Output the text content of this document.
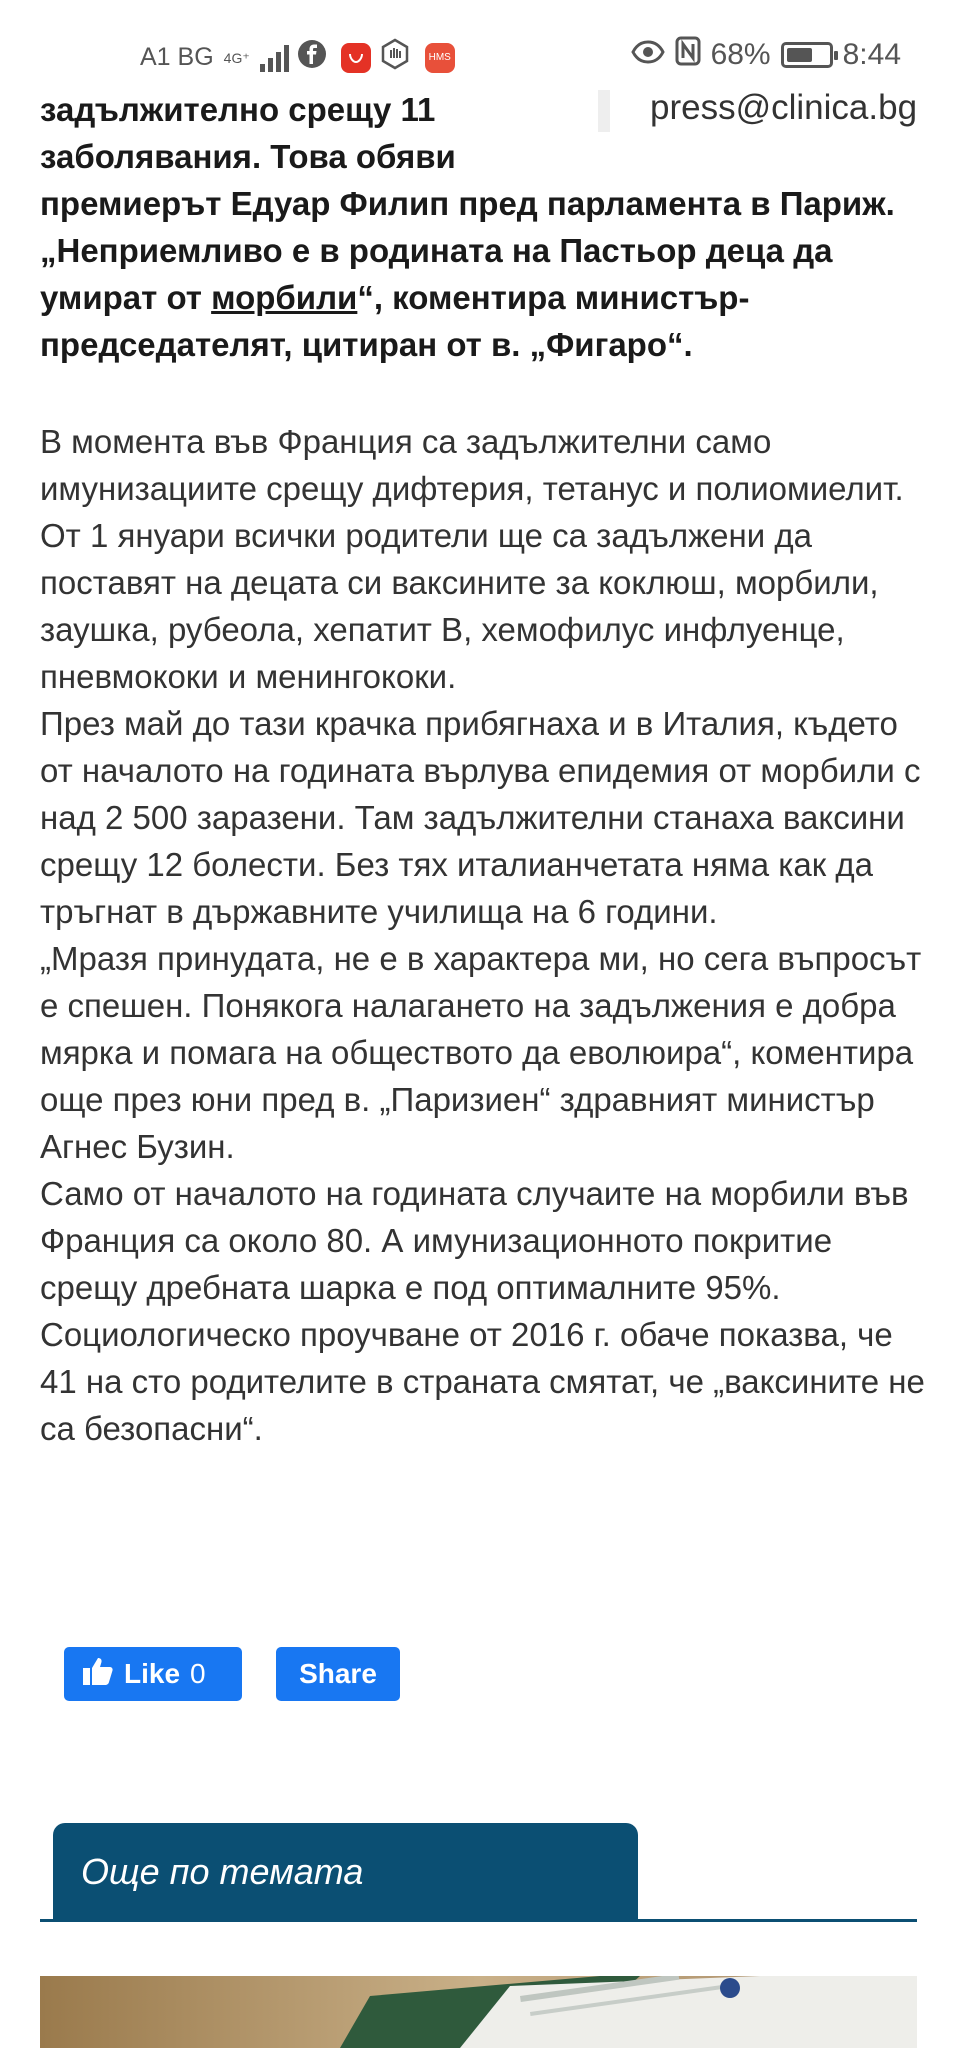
A1 BG 4G⁺	HMS	68% 8:44
press@clinica.bg
задължително срещу 11
заболявания. Това обяви
премиерът Едуар Филип пред парламента в Париж. „Неприемливо е в родината на Пастьор деца да умират от морбили“, коментира министър-председателят, цитиран от в. „Фигаро“.

В момента във Франция са задължителни само имунизациите срещу дифтерия, тетанус и полиомиелит. От 1 януари всички родители ще са задължени да поставят на децата си ваксините за коклюш, морбили, заушка, рубеола, хепатит В, хемофилус инфлуенце, пневмококи и менингококи.

През май до тази крачка прибягнаха и в Италия, където от началото на годината върлува епидемия от морбили с над 2 500 заразени. Там задължителни станаха ваксини срещу 12 болести. Без тях италианчетата няма как да тръгнат в държавните училища на 6 години.

„Мразя принудата, не е в характера ми, но сега въпросът е спешен. Понякога налагането на задължения е добра мярка и помага на обществото да еволюира“, коментира още през юни пред в. „Паризиен“ здравният министър Агнес Бузин.

Само от началото на годината случаите на морбили във Франция са около 80. А имунизационното покритие срещу дребната шарка е под оптималните 95%. Социологическо проучване от 2016 г. обаче показва, че 41 на сто родителите в страната смятат, че „ваксините не са безопасни“.

Like 0	Share
Още по темата
